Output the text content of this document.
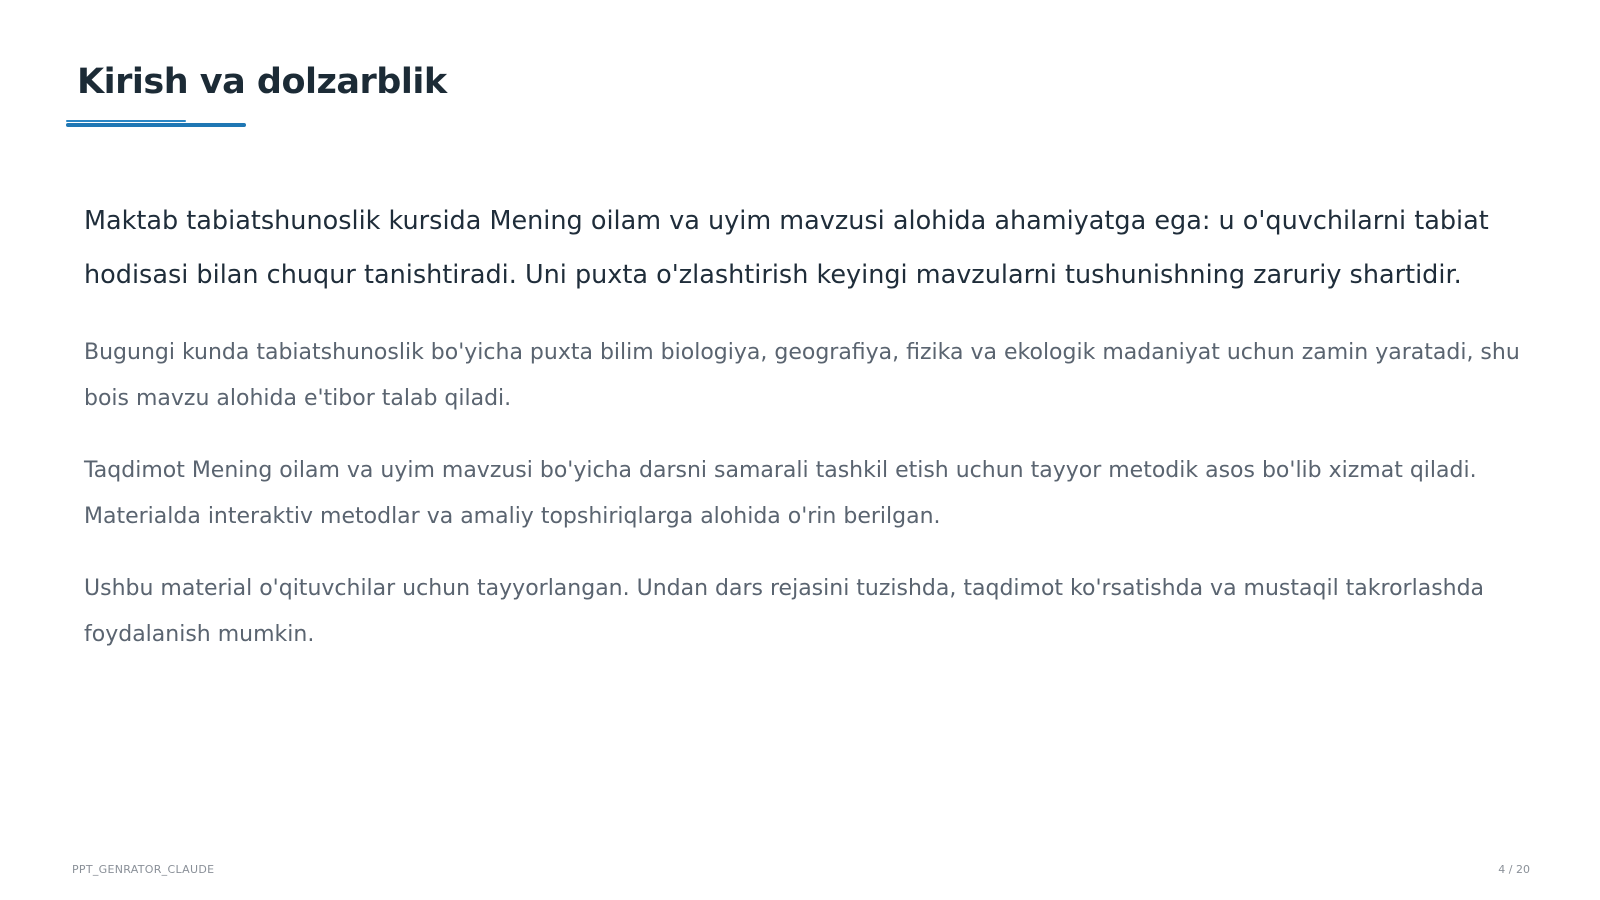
Kirish va dolzarblik

Maktab tabiatshunoslik kursida Mening oilam va uyim mavzusi alohida ahamiyatga ega: u o'quvchilarni tabiat hodisasi bilan chuqur tanishtiradi. Uni puxta o'zlashtirish keyingi mavzularni tushunishning zaruriy shartidir.

Bugungi kunda tabiatshunoslik bo'yicha puxta bilim biologiya, geografiya, fizika va ekologik madaniyat uchun zamin yaratadi, shu bois mavzu alohida e'tibor talab qiladi.

Taqdimot Mening oilam va uyim mavzusi bo'yicha darsni samarali tashkil etish uchun tayyor metodik asos bo'lib xizmat qiladi. Materialda interaktiv metodlar va amaliy topshiriqlarga alohida o'rin berilgan.

Ushbu material o'qituvchilar uchun tayyorlangan. Undan dars rejasini tuzishda, taqdimot ko'rsatishda va mustaqil takrorlashda foydalanish mumkin.

PPT_GENRATOR_CLAUDE	4 / 20
